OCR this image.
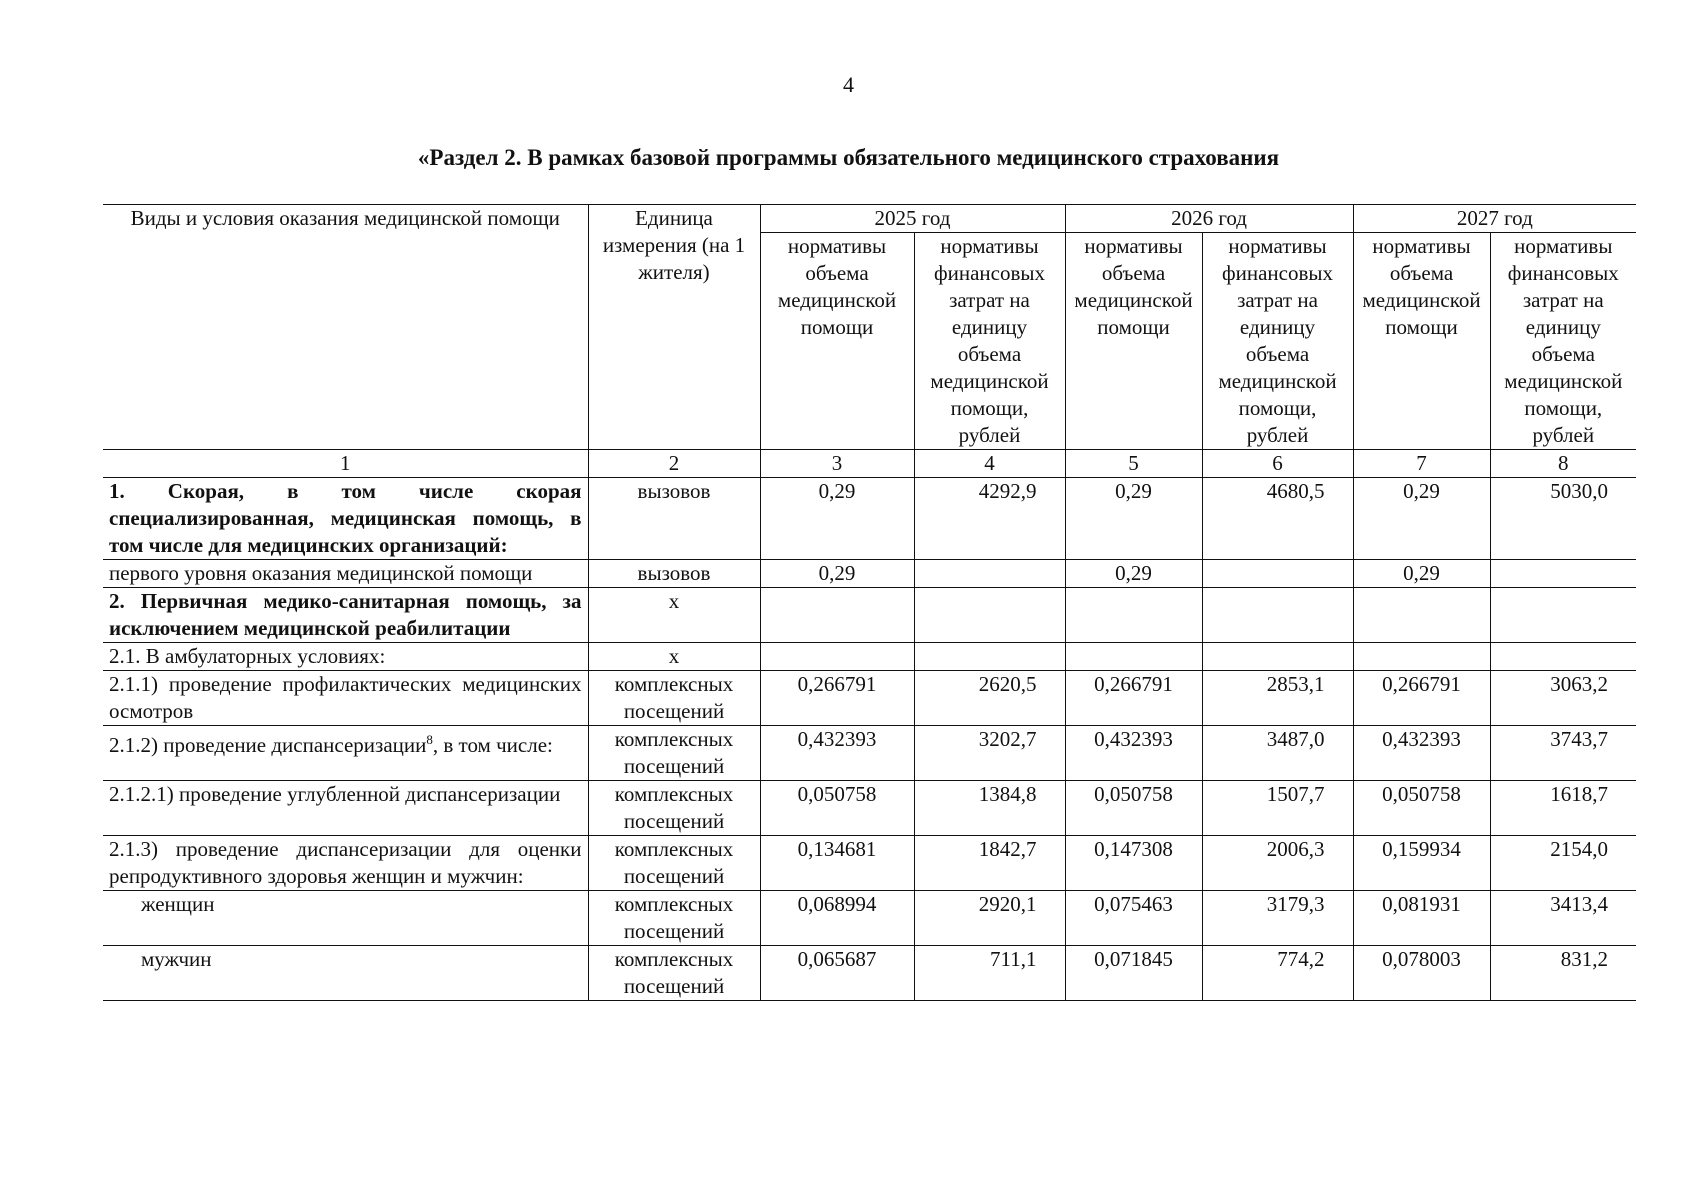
4
«Раздел 2. В рамках базовой программы обязательного медицинского страхования
Виды и условия оказания медицинской помощи	Единица измерения (на 1 жителя)	2025 год		2026 год		2027 год	
		нормативы объема медицинской помощи	нормативы финансовых затрат на единицу объема медицинской помощи, рублей	нормативы объема медицинской помощи	нормативы финансовых затрат на единицу объема медицинской помощи, рублей	нормативы объема медицинской помощи	нормативы финансовых затрат на единицу объема медицинской помощи, рублей
1	2	3	4	5	6	7	8
1. Скорая, в том числе скорая специализированная, медицинская помощь, в том числе для медицинских организаций:	вызовов	0,29	4292,9	0,29	4680,5	0,29	5030,0
первого уровня оказания медицинской помощи	вызовов	0,29		0,29		0,29	
2. Первичная медико-санитарная помощь, за исключением медицинской реабилитации	х						
2.1. В амбулаторных условиях:	х						
2.1.1) проведение профилактических медицинских осмотров	комплексных посещений	0,266791	2620,5	0,266791	2853,1	0,266791	3063,2
2.1.2) проведение диспансеризации$^8$, в том числе:	комплексных посещений	0,432393	3202,7	0,432393	3487,0	0,432393	3743,7
2.1.2.1) проведение углубленной диспансеризации	комплексных посещений	0,050758	1384,8	0,050758	1507,7	0,050758	1618,7
2.1.3) проведение диспансеризации для оценки репродуктивного здоровья женщин и мужчин:	комплексных посещений	0,134681	1842,7	0,147308	2006,3	0,159934	2154,0
женщин	комплексных посещений	0,068994	2920,1	0,075463	3179,3	0,081931	3413,4
мужчин	комплексных посещений	0,065687	711,1	0,071845	774,2	0,078003	831,2
